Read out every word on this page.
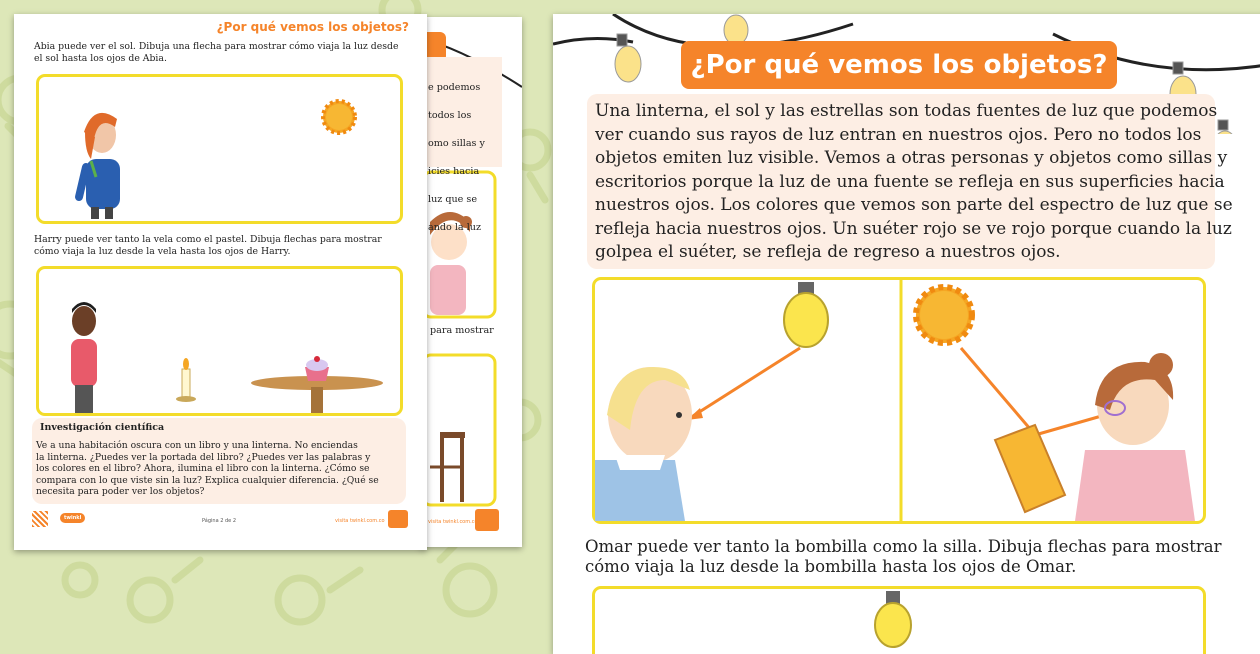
e podemos

todos los

omo sillas y

icies hacia

luz que se

ando la luz

para mostrar
visita twinkl.com.co
¿Por qué vemos los objetos?
Abia puede ver el sol. Dibuja una flecha para mostrar cómo viaja la luz desde
el sol hasta los ojos de Abia.
Harry puede ver tanto la vela como el pastel. Dibuja flechas para mostrar
cómo viaja la luz desde la vela hasta los ojos de Harry.
Investigación científica
Ve a una habitación oscura con un libro y una linterna. No enciendas
la linterna. ¿Puedes ver la portada del libro? ¿Puedes ver las palabras y
los colores en el libro? Ahora, ilumina el libro con la linterna. ¿Cómo se
compara con lo que viste sin la luz? Explica cualquier diferencia. ¿Qué se
necesita para poder ver los objetos?
twinkl	Página 2 de 2	visita twinkl.com.co
¿Por qué vemos los objetos?
Una linterna, el sol y las estrellas son todas fuentes de luz que podemos
ver cuando sus rayos de luz entran en nuestros ojos. Pero no todos los
objetos emiten luz visible. Vemos a otras personas y objetos como sillas y
escritorios porque la luz de una fuente se refleja en sus superficies hacia
nuestros ojos. Los colores que vemos son parte del espectro de luz que se
refleja hacia nuestros ojos. Un suéter rojo se ve rojo porque cuando la luz
golpea el suéter, se refleja de regreso a nuestros ojos.
Omar puede ver tanto la bombilla como la silla. Dibuja flechas para mostrar
cómo viaja la luz desde la bombilla hasta los ojos de Omar.
